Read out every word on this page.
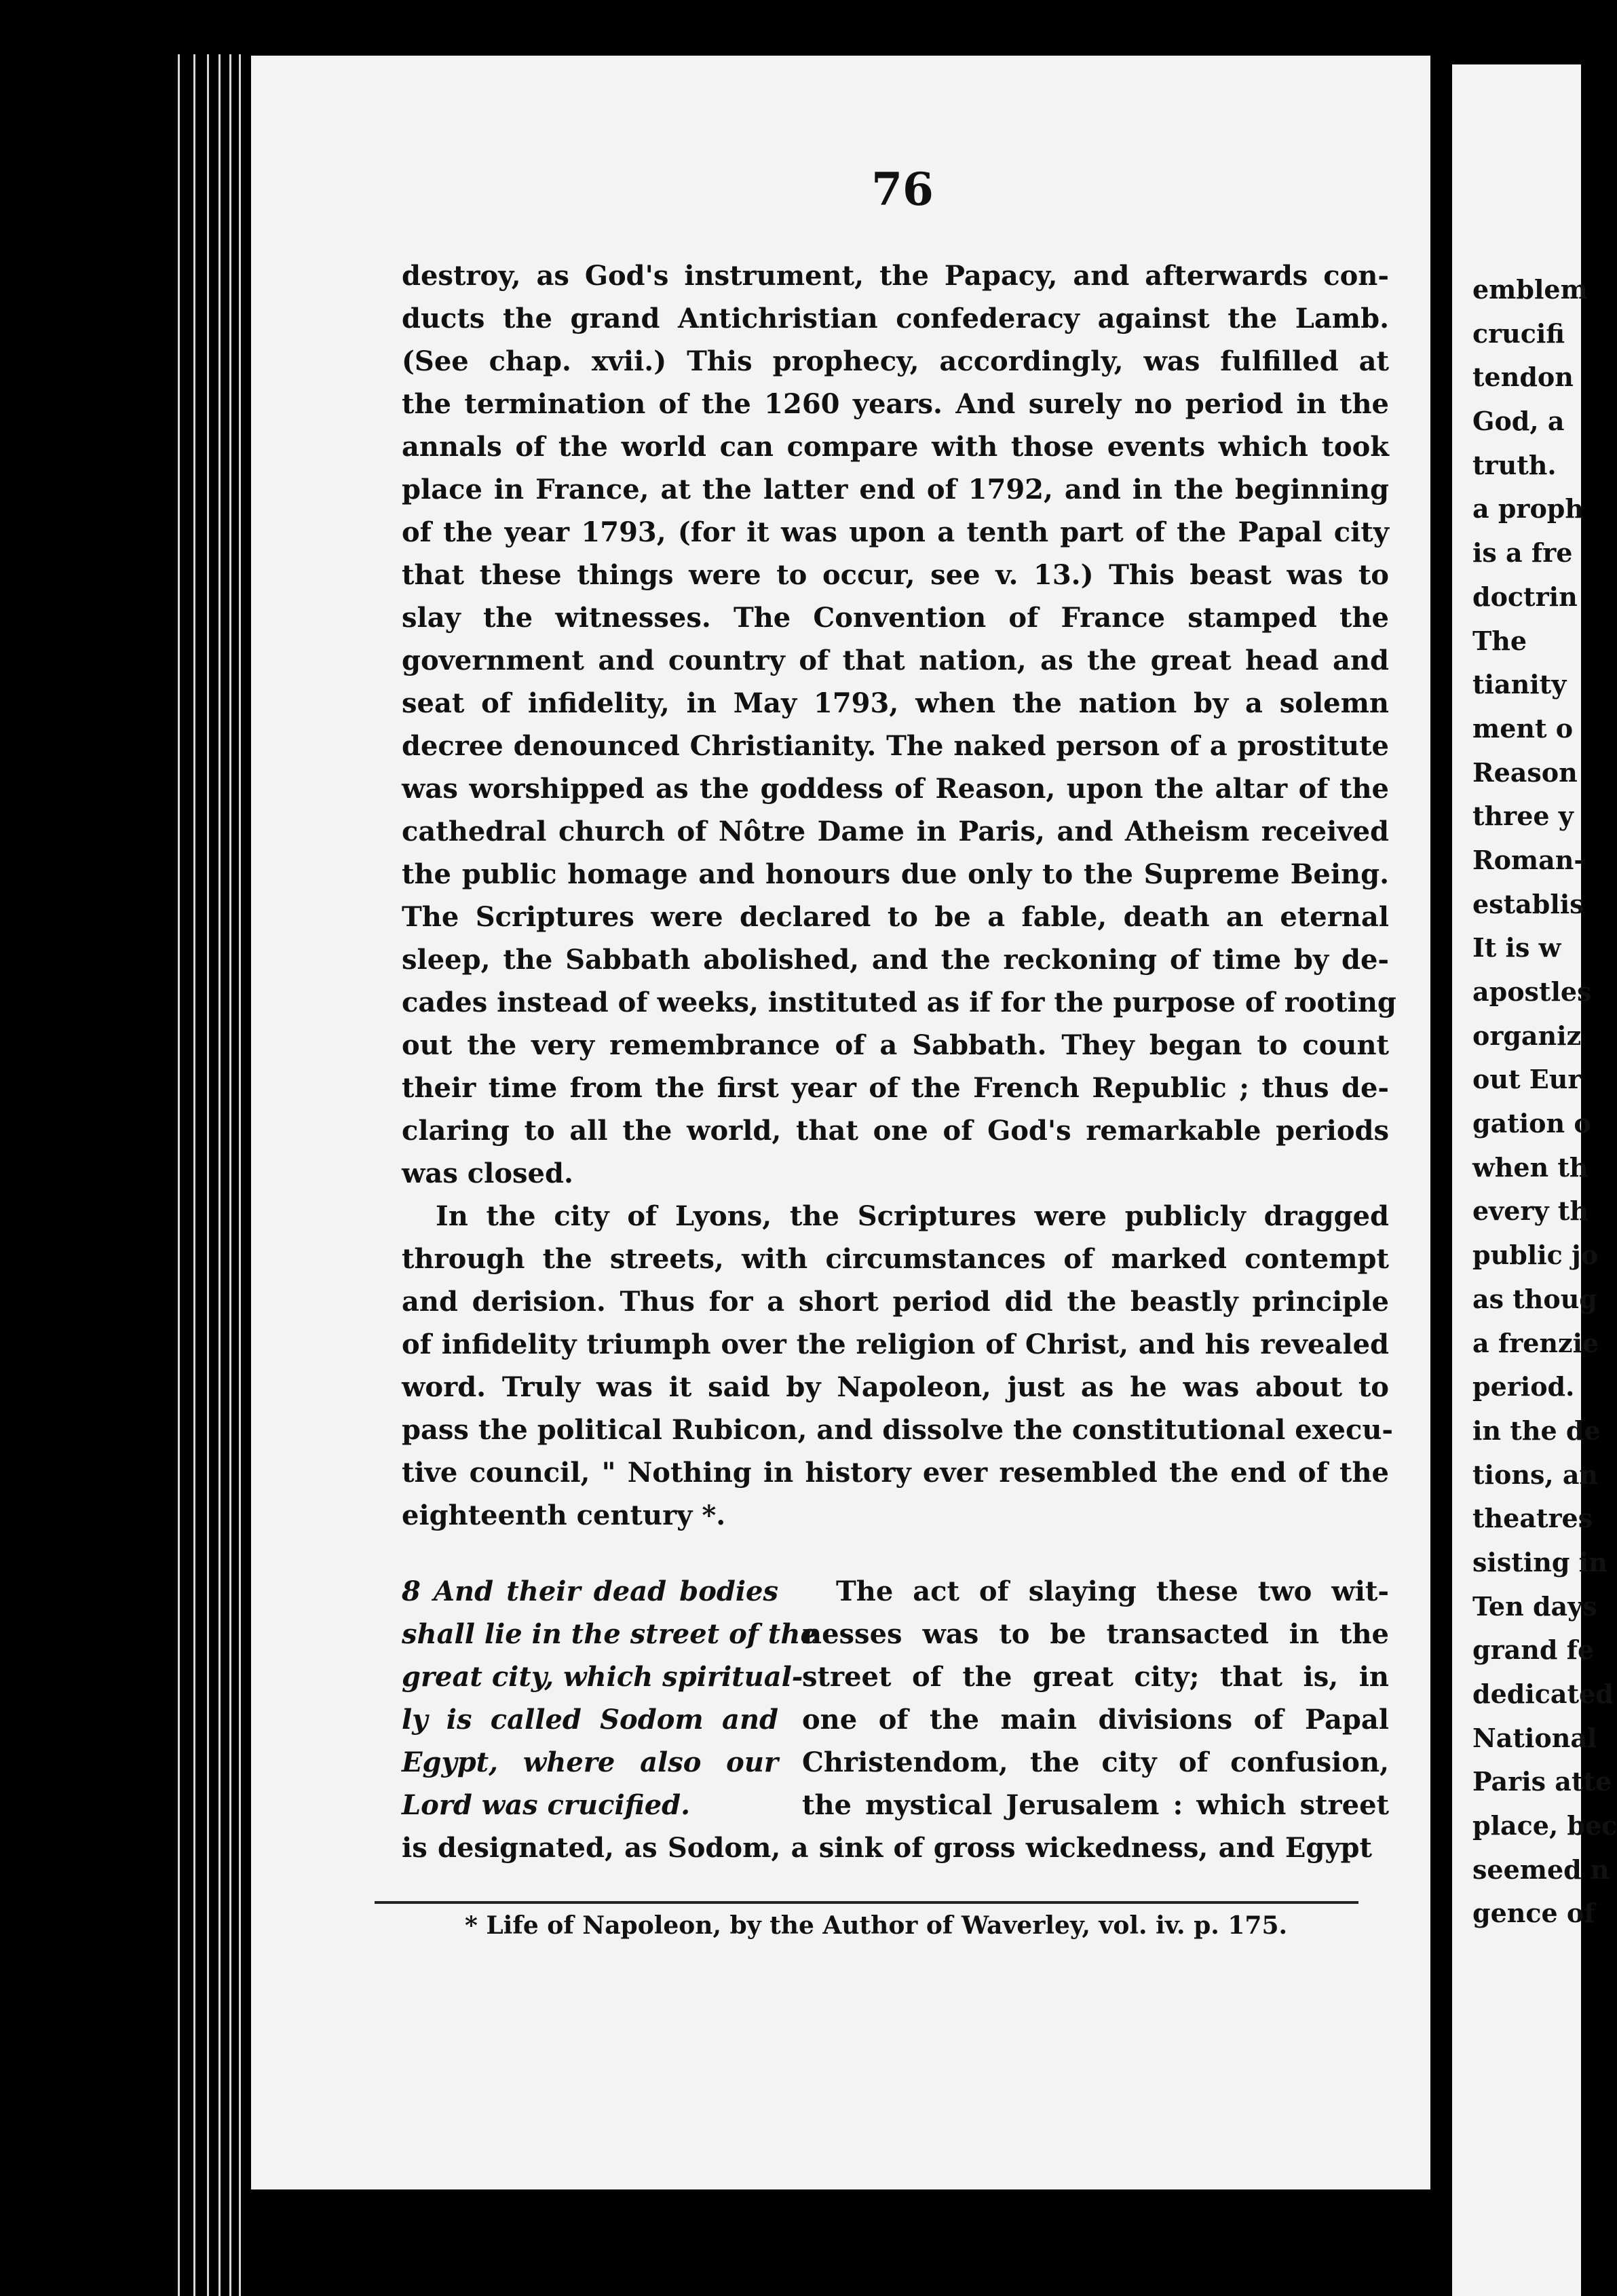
76
destroy, as God's instrument, the Papacy, and afterwards con-
ducts the grand Antichristian confederacy against the Lamb.
(See chap. xvii.) This prophecy, accordingly, was fulfilled at
the termination of the 1260 years. And surely no period in the
annals of the world can compare with those events which took
place in France, at the latter end of 1792, and in the beginning
of the year 1793, (for it was upon a tenth part of the Papal city
that these things were to occur, see v. 13.) This beast was to
slay the witnesses. The Convention of France stamped the
government and country of that nation, as the great head and
seat of infidelity, in May 1793, when the nation by a solemn
decree denounced Christianity. The naked person of a prostitute
was worshipped as the goddess of Reason, upon the altar of the
cathedral church of Nôtre Dame in Paris, and Atheism received
the public homage and honours due only to the Supreme Being.
The Scriptures were declared to be a fable, death an eternal
sleep, the Sabbath abolished, and the reckoning of time by de-
cades instead of weeks, instituted as if for the purpose of rooting
out the very remembrance of a Sabbath. They began to count
their time from the first year of the French Republic ; thus de-
claring to all the world, that one of God's remarkable periods
was closed.
In the city of Lyons, the Scriptures were publicly dragged
through the streets, with circumstances of marked contempt
and derision. Thus for a short period did the beastly principle
of infidelity triumph over the religion of Christ, and his revealed
word. Truly was it said by Napoleon, just as he was about to
pass the political Rubicon, and dissolve the constitutional execu-
tive council, " Nothing in history ever resembled the end of the
eighteenth century *.
8 And their dead bodies
shall lie in the street of the
great city, which spiritual-
ly is called Sodom and
Egypt, where also our
Lord was crucified.
The act of slaying these two wit-
nesses was to be transacted in the
street of the great city; that is, in
one of the main divisions of Papal
Christendom, the city of confusion,
the mystical Jerusalem : which street
is designated, as Sodom, a sink of gross wickedness, and Egypt
* Life of Napoleon, by the Author of Waverley, vol. iv. p. 175.
emblem
crucifi
tendon
God, a
truth.
a proph
is a fre
doctrin
The
tianity
ment o
Reason
three y
Roman-
establis
It is w
apostles
organiz
out Eur
gation o
when th
every th
public jo
as thoug
a frenzie
period.
in the de
tions, an
theatres
sisting in
Ten days
grand fe
dedicated
National
Paris atte
place, bec
seemed n
gence of
